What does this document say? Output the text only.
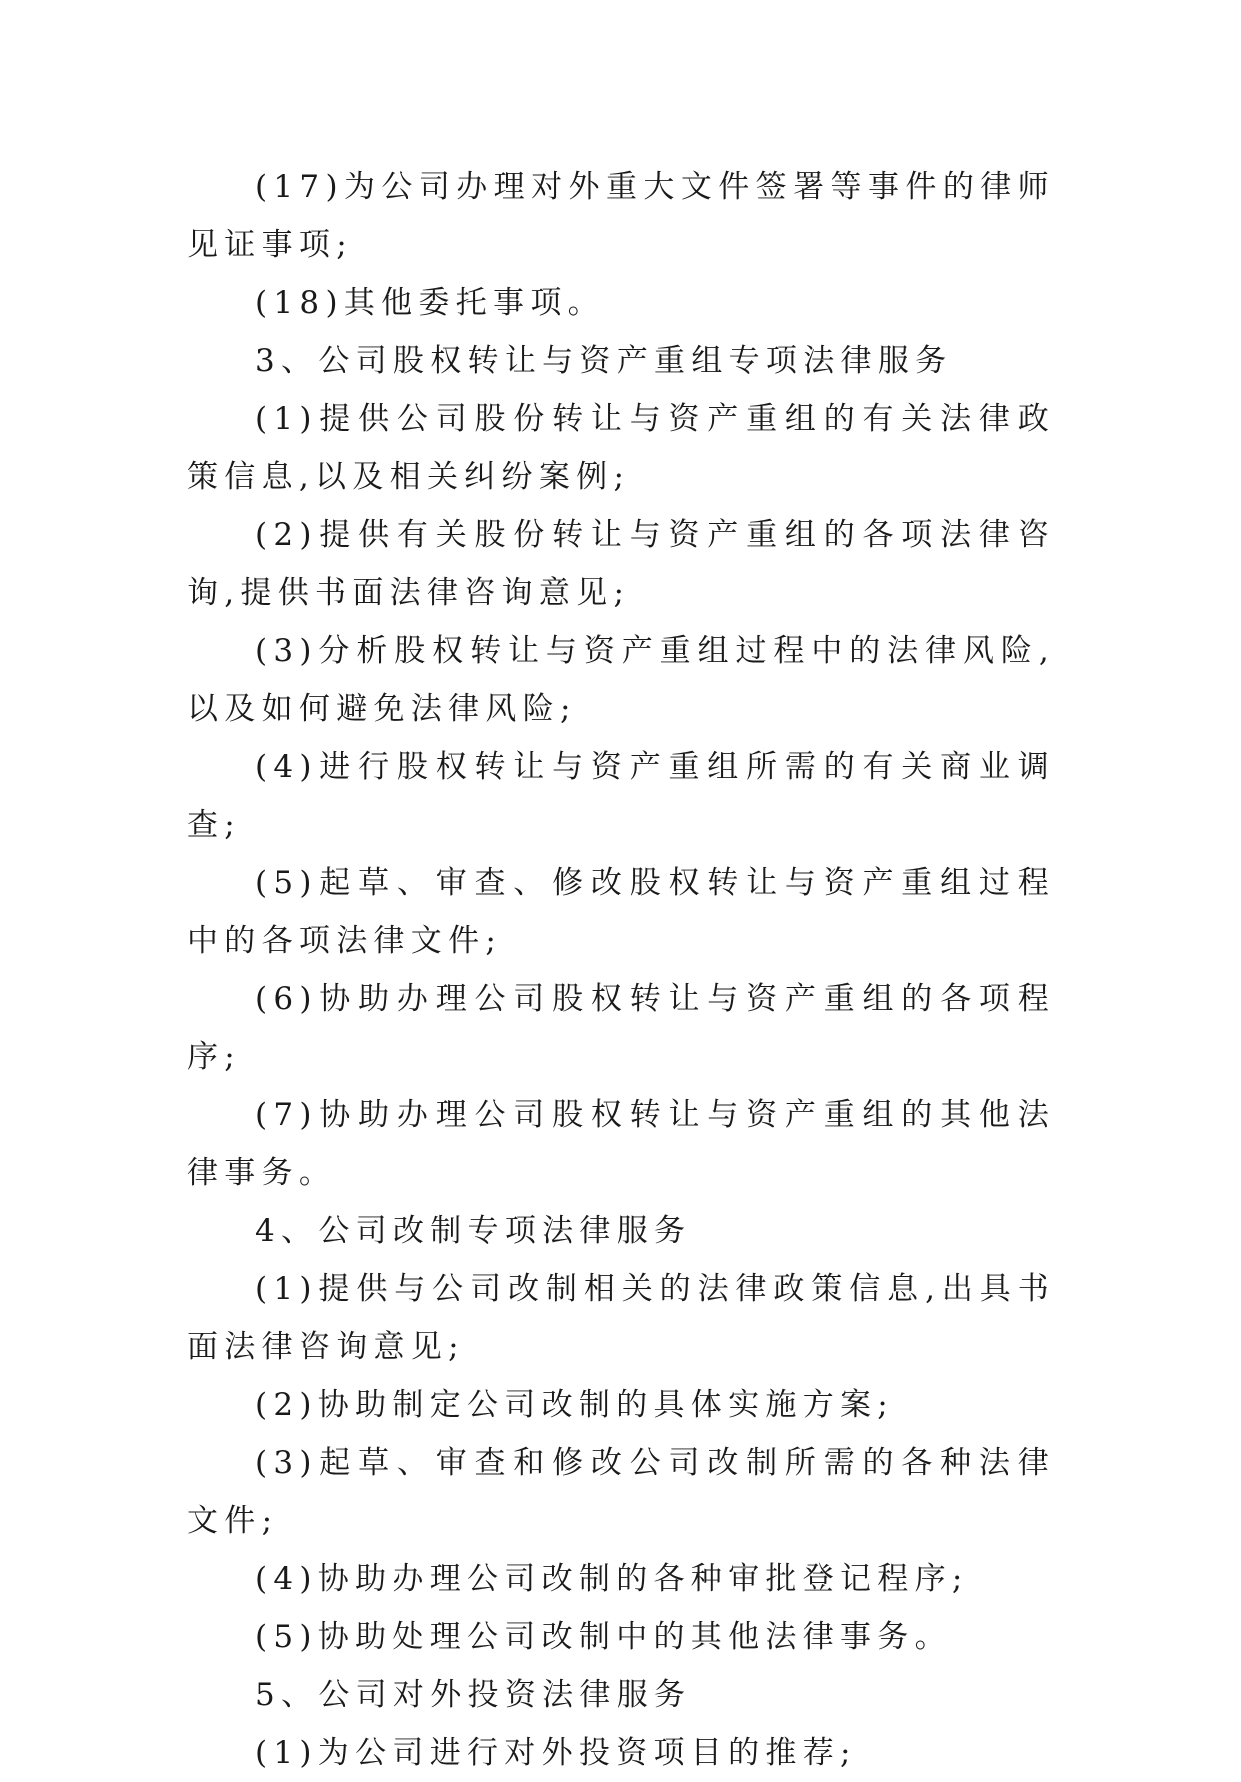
(17)为公司办理对外重大文件签署等事件的律师见证事项;

(18)其他委托事项。

3、公司股权转让与资产重组专项法律服务

(1)提供公司股份转让与资产重组的有关法律政策信息,以及相关纠纷案例;

(2)提供有关股份转让与资产重组的各项法律咨询,提供书面法律咨询意见;

(3)分析股权转让与资产重组过程中的法律风险,以及如何避免法律风险;

(4)进行股权转让与资产重组所需的有关商业调查;

(5)起草、审查、修改股权转让与资产重组过程中的各项法律文件;

(6)协助办理公司股权转让与资产重组的各项程序;

(7)协助办理公司股权转让与资产重组的其他法律事务。

4、公司改制专项法律服务

(1)提供与公司改制相关的法律政策信息,出具书面法律咨询意见;

(2)协助制定公司改制的具体实施方案;

(3)起草、审查和修改公司改制所需的各种法律文件;

(4)协助办理公司改制的各种审批登记程序;

(5)协助处理公司改制中的其他法律事务。

5、公司对外投资法律服务

(1)为公司进行对外投资项目的推荐;
